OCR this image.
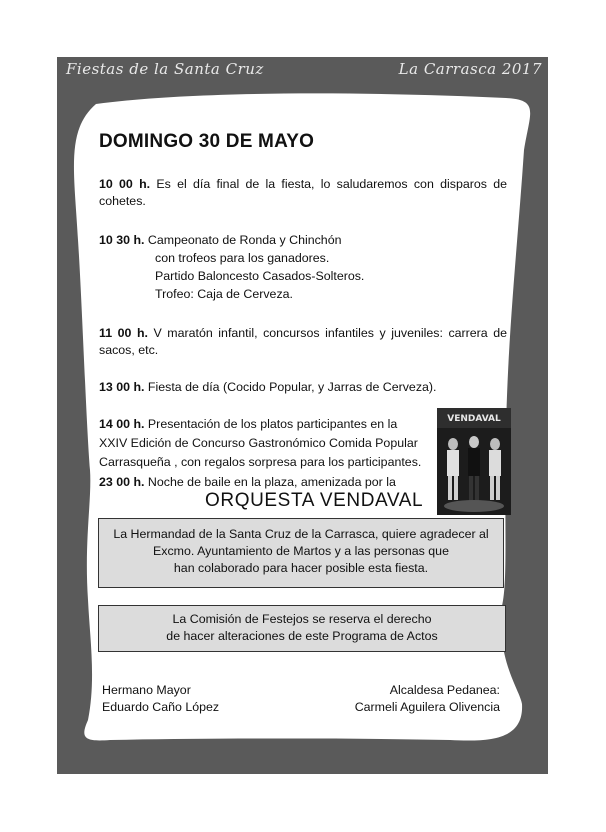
Fiestas de la Santa Cruz	La Carrasca 2017
DOMINGO 30 DE MAYO
10 00 h. Es el día final de la fiesta, lo saludaremos con disparos de cohetes.
10 30 h. Campeonato de Ronda y Chinchón
con trofeos para los ganadores.
Partido Baloncesto Casados-Solteros.
Trofeo: Caja de Cerveza.
11 00 h. V maratón infantil, concursos infantiles y juveniles: carrera de sacos, etc.
13 00 h. Fiesta de día (Cocido Popular, y Jarras de Cerveza).
14 00 h. Presentación de los platos participantes en la
XXIV Edición de Concurso Gastronómico Comida Popular
Carrasqueña , con regalos sorpresa para los participantes.
23 00 h. Noche de baile en la plaza, amenizada por la
ORQUESTA VENDAVAL
VENDAVAL
La Hermandad de la Santa Cruz de la Carrasca, quiere agradecer al
Excmo. Ayuntamiento de Martos y a las personas que
han colaborado para hacer posible esta fiesta.
La Comisión de Festejos se reserva el derecho
de hacer alteraciones de este Programa de Actos
Hermano Mayor
Eduardo Caño López
Alcaldesa Pedanea:
Carmeli Aguilera Olivencia
